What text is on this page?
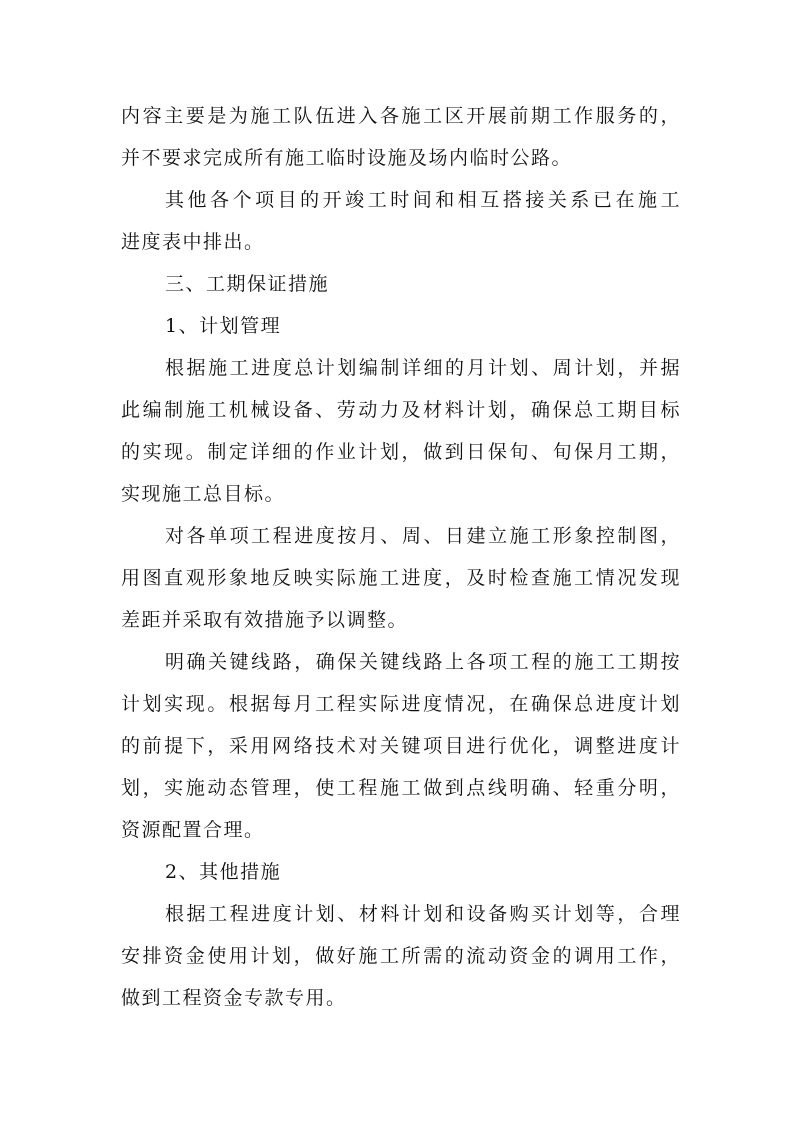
内容主要是为施工队伍进入各施工区开展前期工作服务的，
并不要求完成所有施工临时设施及场内临时公路。
其他各个项目的开竣工时间和相互搭接关系已在施工
进度表中排出。
三、工期保证措施
1、计划管理
根据施工进度总计划编制详细的月计划、周计划，并据
此编制施工机械设备、劳动力及材料计划，确保总工期目标
的实现。制定详细的作业计划，做到日保旬、旬保月工期，
实现施工总目标。
对各单项工程进度按月、周、日建立施工形象控制图，
用图直观形象地反映实际施工进度，及时检查施工情况发现
差距并采取有效措施予以调整。
明确关键线路，确保关键线路上各项工程的施工工期按
计划实现。根据每月工程实际进度情况，在确保总进度计划
的前提下，采用网络技术对关键项目进行优化，调整进度计
划，实施动态管理，使工程施工做到点线明确、轻重分明，
资源配置合理。
2、其他措施
根据工程进度计划、材料计划和设备购买计划等，合理
安排资金使用计划，做好施工所需的流动资金的调用工作，
做到工程资金专款专用。
